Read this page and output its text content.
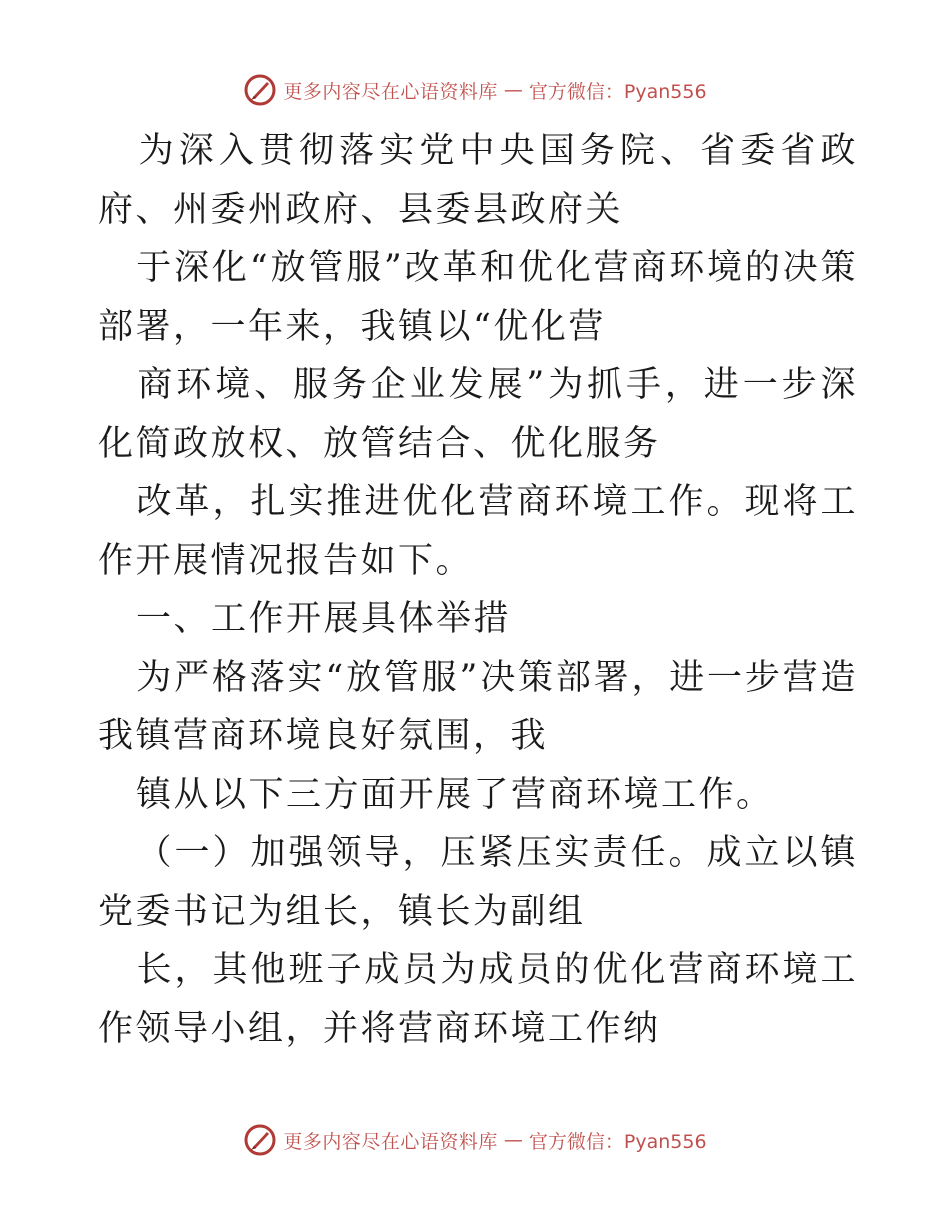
更多内容尽在心语资料库 — 官方微信：Pyan556

为深入贯彻落实党中央国务院、省委省政府、州委州政府、县委县政府关

于深化“放管服”改革和优化营商环境的决策部署，一年来，我镇以“优化营

商环境、服务企业发展”为抓手，进一步深化简政放权、放管结合、优化服务

改革，扎实推进优化营商环境工作。现将工作开展情况报告如下。

一、工作开展具体举措

为严格落实“放管服”决策部署，进一步营造我镇营商环境良好氛围，我

镇从以下三方面开展了营商环境工作。

（一）加强领导，压紧压实责任。成立以镇党委书记为组长，镇长为副组

长，其他班子成员为成员的优化营商环境工作领导小组，并将营商环境工作纳

更多内容尽在心语资料库 — 官方微信：Pyan556
